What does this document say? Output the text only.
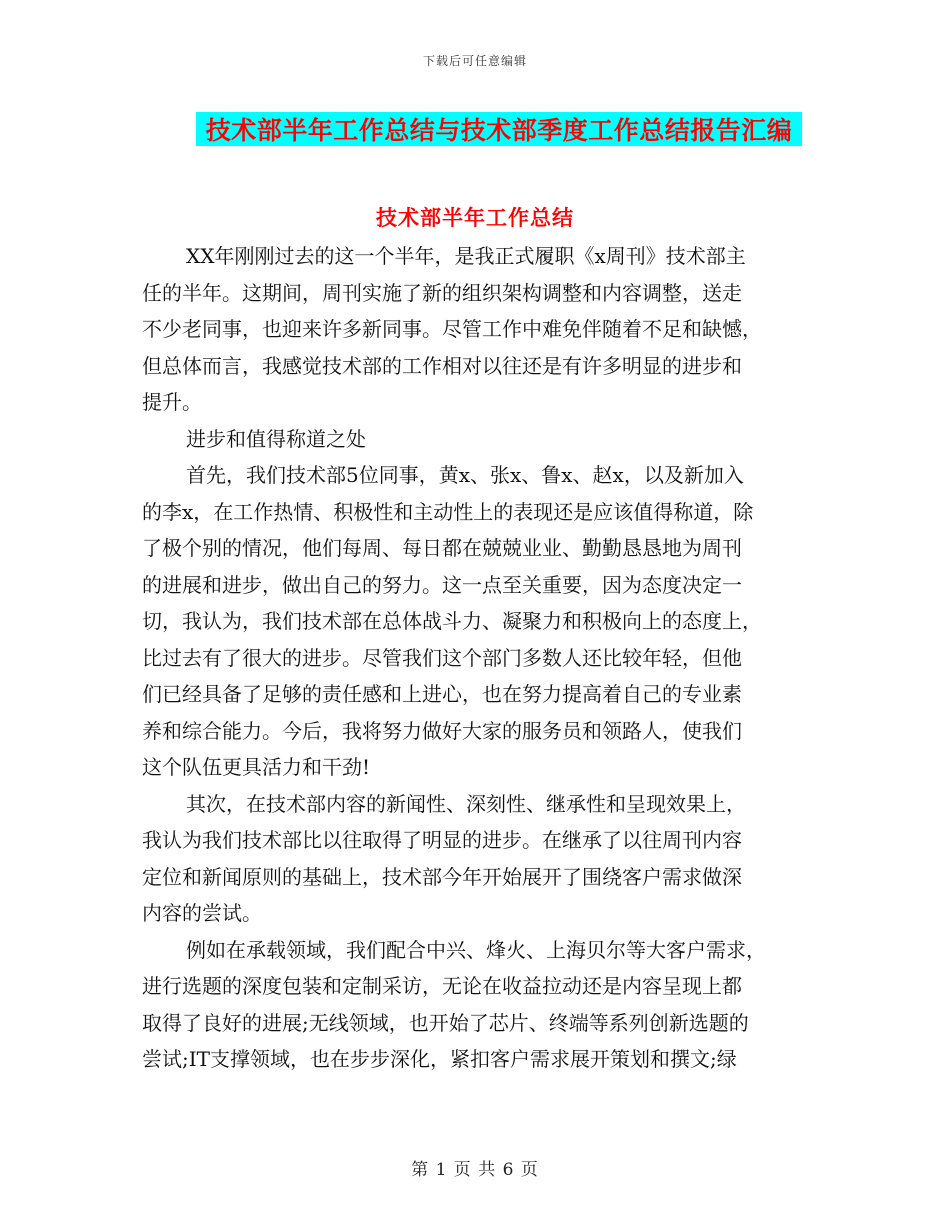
下载后可任意编辑
技术部半年工作总结与技术部季度工作总结报告汇编
技术部半年工作总结
XX年刚刚过去的这一个半年，是我正式履职《x周刊》技术部主
任的半年。这期间，周刊实施了新的组织架构调整和内容调整，送走
不少老同事，也迎来许多新同事。尽管工作中难免伴随着不足和缺憾，
但总体而言，我感觉技术部的工作相对以往还是有许多明显的进步和
提升。
进步和值得称道之处
首先，我们技术部5位同事，黄x、张x、鲁x、赵x，以及新加入
的李x，在工作热情、积极性和主动性上的表现还是应该值得称道，除
了极个别的情况，他们每周、每日都在兢兢业业、勤勤恳恳地为周刊
的进展和进步，做出自己的努力。这一点至关重要，因为态度决定一
切，我认为，我们技术部在总体战斗力、凝聚力和积极向上的态度上，
比过去有了很大的进步。尽管我们这个部门多数人还比较年轻，但他
们已经具备了足够的责任感和上进心，也在努力提高着自己的专业素
养和综合能力。今后，我将努力做好大家的服务员和领路人，使我们
这个队伍更具活力和干劲!
其次，在技术部内容的新闻性、深刻性、继承性和呈现效果上，
我认为我们技术部比以往取得了明显的进步。在继承了以往周刊内容
定位和新闻原则的基础上，技术部今年开始展开了围绕客户需求做深
内容的尝试。
例如在承载领域，我们配合中兴、烽火、上海贝尔等大客户需求，
进行选题的深度包装和定制采访，无论在收益拉动还是内容呈现上都
取得了良好的进展;无线领域，也开始了芯片、终端等系列创新选题的
尝试;IT支撑领域，也在步步深化，紧扣客户需求展开策划和撰文;绿
第 1 页 共 6 页
